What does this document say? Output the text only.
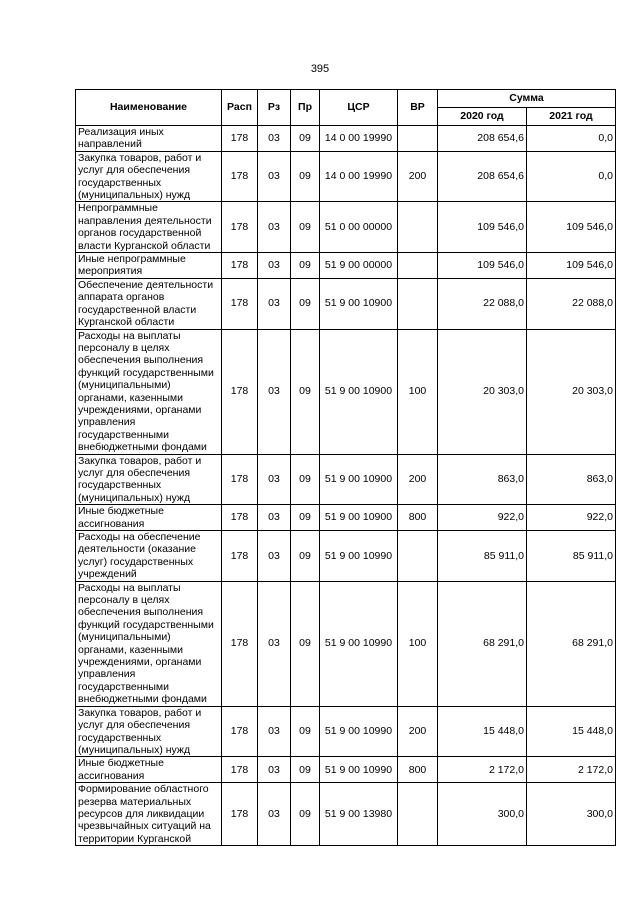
395
Наименование	Расп	Рз	Пр	ЦСР	ВР	Сумма	
						2020 год	2021 год
Реализация иных направлений	178	03	09	14 0 00 19990		208 654,6	0,0
Закупка товаров, работ и услуг для обеспечения государственных (муниципальных) нужд	178	03	09	14 0 00 19990	200	208 654,6	0,0
Непрограммные направления деятельности органов государственной власти Курганской области	178	03	09	51 0 00 00000		109 546,0	109 546,0
Иные непрограммные мероприятия	178	03	09	51 9 00 00000		109 546,0	109 546,0
Обеспечение деятельности аппарата органов государственной власти Курганской области	178	03	09	51 9 00 10900		22 088,0	22 088,0
Расходы на выплаты персоналу в целях обеспечения выполнения функций государственными (муниципальными) органами, казенными учреждениями, органами управления государственными внебюджетными фондами	178	03	09	51 9 00 10900	100	20 303,0	20 303,0
Закупка товаров, работ и услуг для обеспечения государственных (муниципальных) нужд	178	03	09	51 9 00 10900	200	863,0	863,0
Иные бюджетные ассигнования	178	03	09	51 9 00 10900	800	922,0	922,0
Расходы на обеспечение деятельности (оказание услуг) государственных учреждений	178	03	09	51 9 00 10990		85 911,0	85 911,0
Расходы на выплаты персоналу в целях обеспечения выполнения функций государственными (муниципальными) органами, казенными учреждениями, органами управления государственными внебюджетными фондами	178	03	09	51 9 00 10990	100	68 291,0	68 291,0
Закупка товаров, работ и услуг для обеспечения государственных (муниципальных) нужд	178	03	09	51 9 00 10990	200	15 448,0	15 448,0
Иные бюджетные ассигнования	178	03	09	51 9 00 10990	800	2 172,0	2 172,0
Формирование областного резерва материальных ресурсов для ликвидации чрезвычайных ситуаций на территории Курганской	178	03	09	51 9 00 13980		300,0	300,0
